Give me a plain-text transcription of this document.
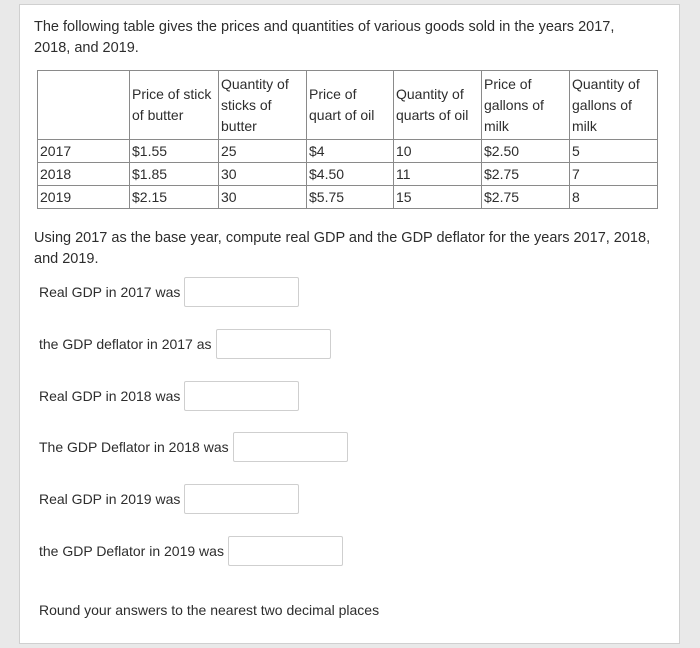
The following table gives the prices and quantities of various goods sold in the years 2017, 2018, and 2019.

	Price of stick of butter	Quantity of sticks of butter	Price of quart of oil	Quantity of quarts of oil	Price of gallons of milk	Quantity of gallons of milk

2017	$1.55	25	$4	10	$2.50	5
2018	$1.85	30	$4.50	11	$2.75	7
2019	$2.15	30	$5.75	15	$2.75	8
Using 2017 as the base year, compute real GDP and the GDP deflator for the years 2017, 2018, and 2019.
Real GDP in 2017 was
the GDP deflator in 2017 as
Real GDP in 2018 was
The GDP Deflator in 2018 was
Real GDP in 2019 was
the GDP Deflator in 2019 was
Round your answers to the nearest two decimal places
